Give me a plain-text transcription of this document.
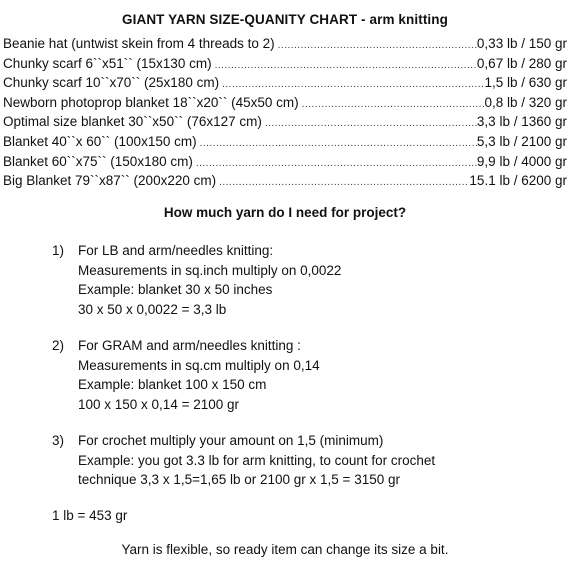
GIANT YARN SIZE-QUANITY CHART - arm knitting
Beanie hat (untwist skein from 4 threads to 2) .....	0,33 lb / 150 gr
Chunky scarf 6``x51`` (15x130 cm) .....	0,67 lb / 280 gr
Chunky scarf 10``x70`` (25x180 cm) .....	1,5 lb / 630 gr
Newborn photoprop blanket 18``x20`` (45x50 cm) .....	0,8 lb / 320 gr
Optimal size blanket 30``x50`` (76x127 cm) .....	3,3 lb / 1360 gr
Blanket 40``x 60`` (100x150 cm) .....	5,3 lb / 2100 gr
Blanket 60``x75`` (150x180 cm) .....	9,9 lb / 4000 gr
Big Blanket 79``x87`` (200x220 cm) .....	15.1 lb / 6200 gr
How much yarn do I need for project?
1)	For LB and arm/needles knitting:
Measurements in sq.inch multiply on 0,0022
Example: blanket 30 x 50 inches
30 x 50 x 0,0022 = 3,3 lb
2)	For GRAM and arm/needles knitting :
Measurements in sq.cm multiply on 0,14
Example: blanket 100 x 150 cm
100 x 150 x 0,14 = 2100 gr
3)	For crochet multiply your amount on 1,5 (minimum)
Example: you got 3.3 lb for arm knitting, to count for crochet
technique 3,3 x 1,5=1,65 lb or 2100 gr x 1,5 = 3150 gr
1 lb = 453 gr
Yarn is flexible, so ready item can change its size a bit.
